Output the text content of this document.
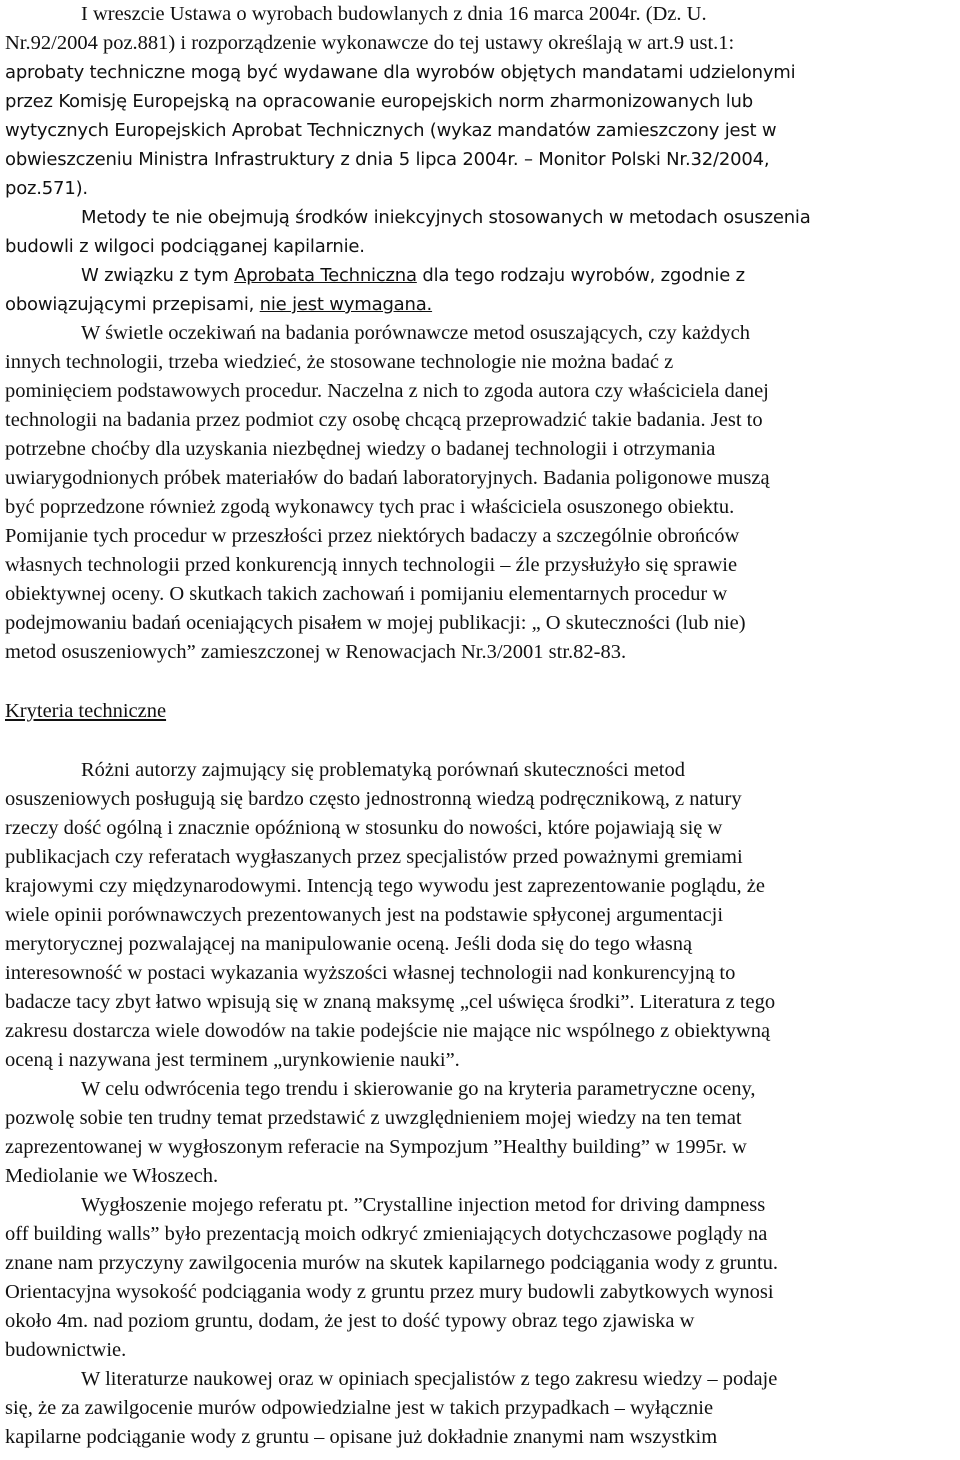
I wreszcie Ustawa o wyrobach budowlanych z dnia 16 marca 2004r. (Dz. U.
Nr.92/2004 poz.881) i rozporządzenie wykonawcze do tej ustawy określają w art.9 ust.1:
aprobaty techniczne mogą być wydawane dla wyrobów objętych mandatami udzielonymi
przez Komisję Europejską na opracowanie europejskich norm zharmonizowanych lub
wytycznych Europejskich Aprobat Technicznych (wykaz mandatów zamieszczony jest w
obwieszczeniu Ministra Infrastruktury z dnia 5 lipca 2004r. – Monitor Polski Nr.32/2004,
poz.571).
Metody te nie obejmują środków iniekcyjnych stosowanych w metodach osuszenia
budowli z wilgoci podciąganej kapilarnie.
W związku z tym Aprobata Techniczna dla tego rodzaju wyrobów, zgodnie z
obowiązującymi przepisami, nie jest wymagana.
W świetle oczekiwań na badania porównawcze metod osuszających, czy każdych
innych technologii, trzeba wiedzieć, że stosowane technologie nie można badać z
pominięciem podstawowych procedur. Naczelna z nich to zgoda autora czy właściciela danej
technologii na badania przez podmiot czy osobę chcącą przeprowadzić takie badania. Jest to
potrzebne choćby dla uzyskania niezbędnej wiedzy o badanej technologii i otrzymania
uwiarygodnionych próbek materiałów do badań laboratoryjnych. Badania poligonowe muszą
być poprzedzone również zgodą wykonawcy tych prac i właściciela osuszonego obiektu.
Pomijanie tych procedur w przeszłości przez niektórych badaczy a szczególnie obrońców
własnych technologii przed konkurencją innych technologii – źle przysłużyło się sprawie
obiektywnej oceny. O skutkach takich zachowań i pomijaniu elementarnych procedur w
podejmowaniu badań oceniających pisałem w mojej publikacji: „ O skuteczności (lub nie)
metod osuszeniowych” zamieszczonej w Renowacjach Nr.3/2001 str.82-83.
Kryteria techniczne
Różni autorzy zajmujący się problematyką porównań skuteczności metod
osuszeniowych posługują się bardzo często jednostronną wiedzą podręcznikową, z natury
rzeczy dość ogólną i znacznie opóźnioną w stosunku do nowości, które pojawiają się w
publikacjach czy referatach wygłaszanych przez specjalistów przed poważnymi gremiami
krajowymi czy międzynarodowymi. Intencją tego wywodu jest zaprezentowanie poglądu, że
wiele opinii porównawczych prezentowanych jest na podstawie spłyconej argumentacji
merytorycznej pozwalającej na manipulowanie oceną. Jeśli doda się do tego własną
interesowność w postaci wykazania wyższości własnej technologii nad konkurencyjną to
badacze tacy zbyt łatwo wpisują się w znaną maksymę „cel uświęca środki”. Literatura z tego
zakresu dostarcza wiele dowodów na takie podejście nie mające nic wspólnego z obiektywną
oceną i nazywana jest terminem „urynkowienie nauki”.
W celu odwrócenia tego trendu i skierowanie go na kryteria parametryczne oceny,
pozwolę sobie ten trudny temat przedstawić z uwzględnieniem mojej wiedzy na ten temat
zaprezentowanej w wygłoszonym referacie na Sympozjum ”Healthy building” w 1995r. w
Mediolanie we Włoszech.
Wygłoszenie mojego referatu pt. ”Crystalline injection metod for driving dampness
off building walls” było prezentacją moich odkryć zmieniających dotychczasowe poglądy na
znane nam przyczyny zawilgocenia murów na skutek kapilarnego podciągania wody z gruntu.
Orientacyjna wysokość podciągania wody z gruntu przez mury budowli zabytkowych wynosi
około 4m. nad poziom gruntu, dodam, że jest to dość typowy obraz tego zjawiska w
budownictwie.
W literaturze naukowej oraz w opiniach specjalistów z tego zakresu wiedzy – podaje
się, że za zawilgocenie murów odpowiedzialne jest w takich przypadkach – wyłącznie
kapilarne podciąganie wody z gruntu – opisane już dokładnie znanymi nam wszystkim
